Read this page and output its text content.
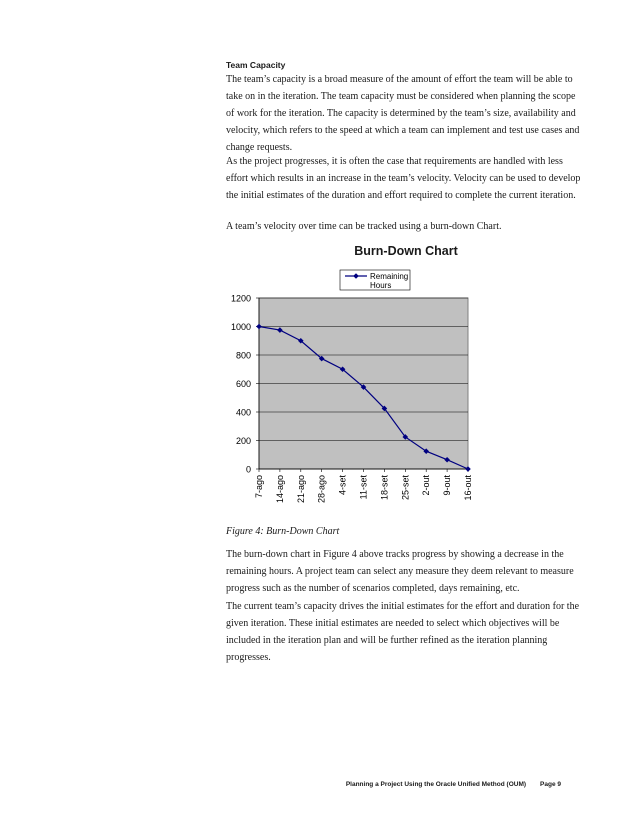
Team Capacity

The team’s capacity is a broad measure of the amount of effort the team will be able to take on in the iteration. The team capacity must be considered when planning the scope of work for the iteration. The capacity is determined by the team’s size, availability and velocity, which refers to the speed at which a team can implement and test use cases and change requests.

As the project progresses, it is often the case that requirements are handled with less effort which results in an increase in the team’s velocity. Velocity can be used to develop the initial estimates of the duration and effort required to complete the current iteration.

A team’s velocity over time can be tracked using a burn-down Chart.

Burn-Down Chart
0
200
400
600
800
1000
1200
7-ago 14-ago 21-ago 28-ago 4-set 11-set 18-set 25-set 2-out 9-out 16-out
Remaining
Hours

Figure 4: Burn-Down Chart

The burn-down chart in Figure 4 above tracks progress by showing a decrease in the remaining hours. A project team can select any measure they deem relevant to measure progress such as the number of scenarios completed, days remaining, etc.

The current team’s capacity drives the initial estimates for the effort and duration for the given iteration. These initial estimates are needed to select which objectives will be included in the iteration plan and will be further refined as the iteration planning progresses.

Planning a Project Using the Oracle Unified Method (OUM) Page 9
